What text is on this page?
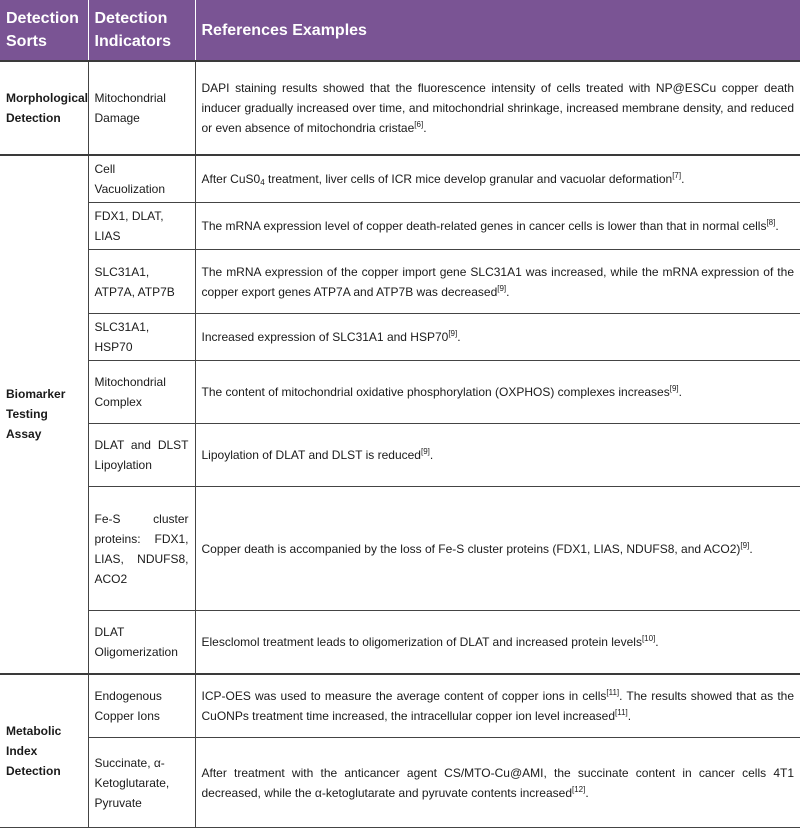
Detection Sorts	Detection Indicators	References Examples
Morphological Detection	Mitochondrial Damage	DAPI staining results showed that the fluorescence intensity of cells treated with NP@ESCu copper death inducer gradually increased over time, and mitochondrial shrinkage, increased membrane density, and reduced or even absence of mitochondria cristae[6].
Biomarker Testing Assay	Cell Vacuolization	After $CuS0_4$ treatment, liver cells of ICR mice develop granular and vacuolar deformation[7].
	FDX1, DLAT, LIAS	The mRNA expression level of copper death-related genes in cancer cells is lower than that in normal cells[8].
	SLC31A1, ATP7A, ATP7B	The mRNA expression of the copper import gene SLC31A1 was increased, while the mRNA expression of the copper export genes ATP7A and ATP7B was decreased[9].
	SLC31A1, HSP70	Increased expression of SLC31A1 and HSP70[9].
	Mitochondrial Complex	The content of mitochondrial oxidative phosphorylation (OXPHOS) complexes increases[9].
	DLAT and DLST Lipoylation	Lipoylation of DLAT and DLST is reduced[9].
	Fe-S cluster proteins: FDX1, LIAS, NDUFS8, ACO2	Copper death is accompanied by the loss of Fe-S cluster proteins (FDX1, LIAS, NDUFS8, and ACO2)[9].
	DLAT Oligomerization	Elesclomol treatment leads to oligomerization of DLAT and increased protein levels[10].
Metabolic Index Detection	Endogenous Copper Ions	ICP-OES was used to measure the average content of copper ions in cells[11]. The results showed that as the CuONPs treatment time increased, the intracellular copper ion level increased[11].
	Succinate, α-Ketoglutarate, Pyruvate	After treatment with the anticancer agent CS/MTO-Cu@AMI, the succinate content in cancer cells 4T1 decreased, while the α-ketoglutarate and pyruvate contents increased[12].
